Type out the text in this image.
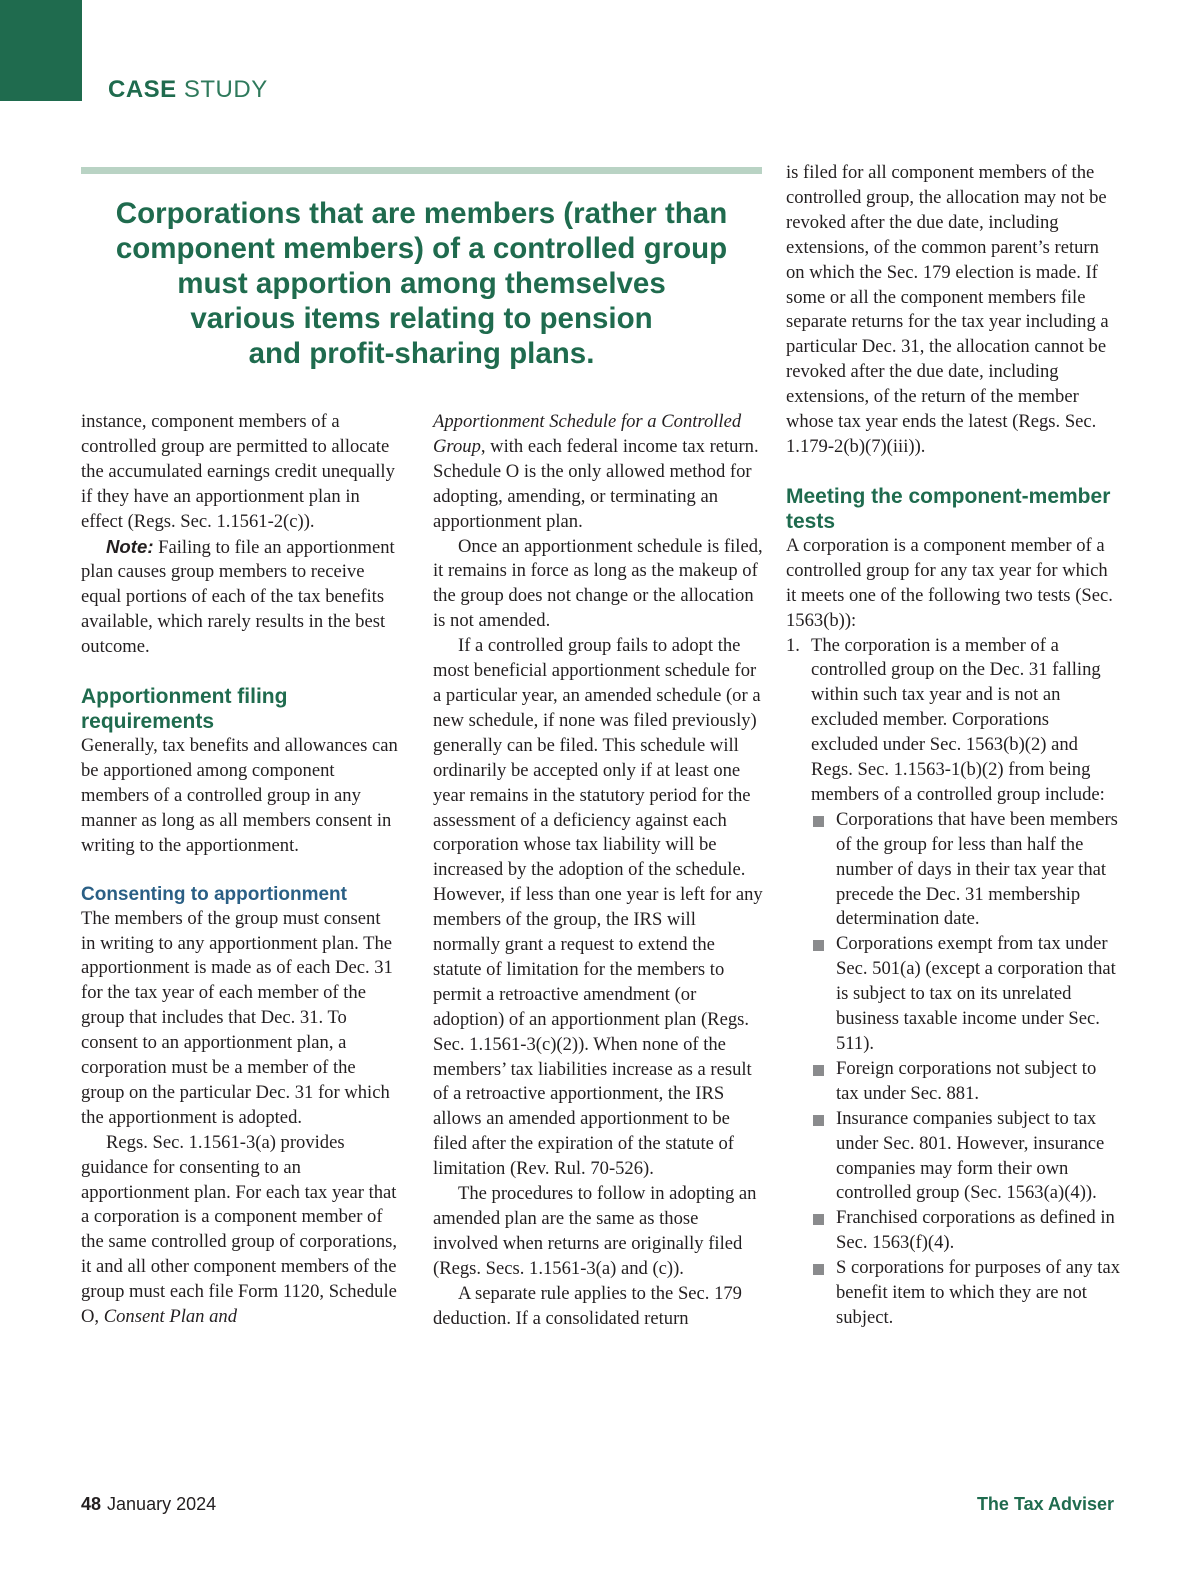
CASE STUDY
Corporations that are members (rather than
component members) of a controlled group
must apportion among themselves
various items relating to pension
and profit-sharing plans.

instance, component members of a controlled group are permitted to allocate the accumulated earnings credit unequally if they have an apportionment plan in effect (Regs. Sec. 1.1561-2(c)).

Note: Failing to file an apportionment plan causes group members to receive equal portions of each of the tax benefits available, which rarely results in the best outcome.

Apportionment filing requirements

Generally, tax benefits and allowances can be apportioned among component members of a controlled group in any manner as long as all members consent in writing to the apportionment.

Consenting to apportionment

The members of the group must consent in writing to any apportionment plan. The apportionment is made as of each Dec. 31 for the tax year of each member of the group that includes that Dec. 31. To consent to an apportionment plan, a corporation must be a member of the group on the particular Dec. 31 for which the apportionment is adopted.

Regs. Sec. 1.1561-3(a) provides guidance for consenting to an apportionment plan. For each tax year that a corporation is a component member of the same controlled group of corporations, it and all other component members of the group must each file Form 1120, Schedule O, Consent Plan and

Apportionment Schedule for a Controlled Group, with each federal income tax return. Schedule O is the only allowed method for adopting, amending, or terminating an apportionment plan.

Once an apportionment schedule is filed, it remains in force as long as the makeup of the group does not change or the allocation is not amended.

If a controlled group fails to adopt the most beneficial apportionment schedule for a particular year, an amended schedule (or a new schedule, if none was filed previously) generally can be filed. This schedule will ordinarily be accepted only if at least one year remains in the statutory period for the assessment of a deficiency against each corporation whose tax liability will be increased by the adoption of the schedule. However, if less than one year is left for any members of the group, the IRS will normally grant a request to extend the statute of limitation for the members to permit a retroactive amendment (or adoption) of an apportionment plan (Regs. Sec. 1.1561-3(c)(2)). When none of the members’ tax liabilities increase as a result of a retroactive apportionment, the IRS allows an amended apportionment to be filed after the expiration of the statute of limitation (Rev. Rul. 70-526).

The procedures to follow in adopting an amended plan are the same as those involved when returns are originally filed (Regs. Secs. 1.1561-3(a) and (c)).

A separate rule applies to the Sec. 179 deduction. If a consolidated return

is filed for all component members of the controlled group, the allocation may not be revoked after the due date, including extensions, of the common parent’s return on which the Sec. 179 election is made. If some or all the component members file separate returns for the tax year including a particular Dec. 31, the allocation cannot be revoked after the due date, including extensions, of the return of the member whose tax year ends the latest (Regs. Sec. 1.179-2(b)(7)(iii)).

Meeting the component-member tests

A corporation is a component member of a controlled group for any tax year for which it meets one of the following two tests (Sec. 1563(b)):

1. The corporation is a member of a controlled group on the Dec. 31 falling within such tax year and is not an excluded member. Corporations excluded under Sec. 1563(b)(2) and Regs. Sec. 1.1563-1(b)(2) from being members of a controlled group include:
Corporations that have been members of the group for less than half the number of days in their tax year that precede the Dec. 31 membership determination date.
Corporations exempt from tax under Sec. 501(a) (except a corporation that is subject to tax on its unrelated business taxable income under Sec. 511).
Foreign corporations not subject to tax under Sec. 881.
Insurance companies subject to tax under Sec. 801. However, insurance companies may form their own controlled group (Sec. 1563(a)(4)).
Franchised corporations as defined in Sec. 1563(f)(4).
S corporations for purposes of any tax benefit item to which they are not subject.
48 January 2024	The Tax Adviser
